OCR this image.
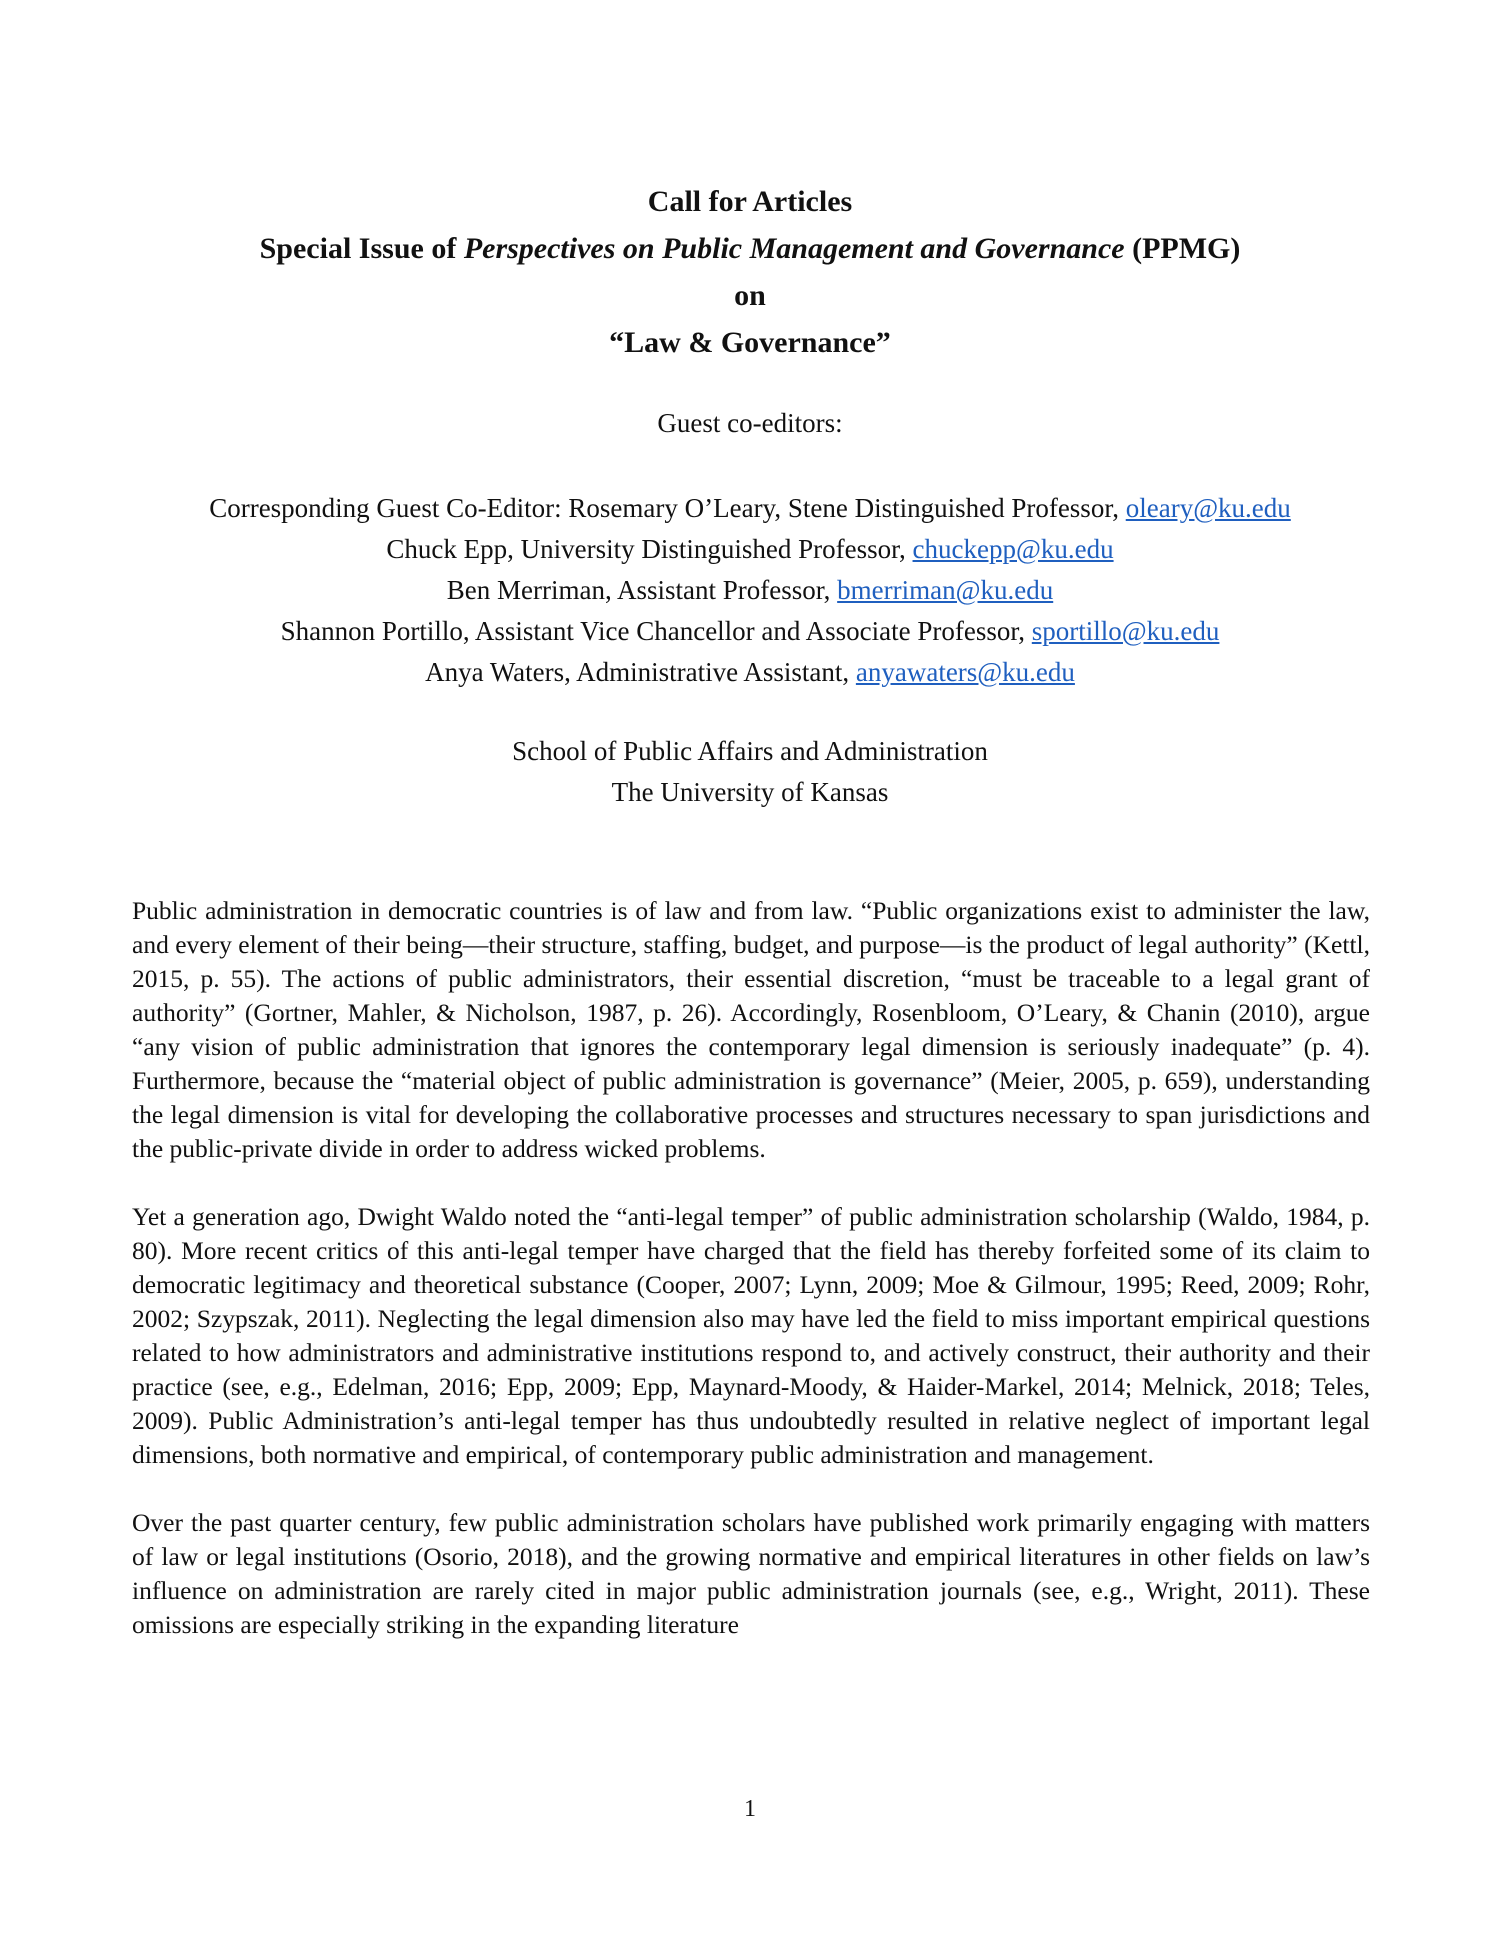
Call for Articles
Special Issue of Perspectives on Public Management and Governance (PPMG)
on
“Law & Governance”
Guest co-editors:
Corresponding Guest Co-Editor: Rosemary O’Leary, Stene Distinguished Professor, oleary@ku.edu
Chuck Epp, University Distinguished Professor, chuckepp@ku.edu
Ben Merriman, Assistant Professor, bmerriman@ku.edu
Shannon Portillo, Assistant Vice Chancellor and Associate Professor, sportillo@ku.edu
Anya Waters, Administrative Assistant, anyawaters@ku.edu
School of Public Affairs and Administration
The University of Kansas

Public administration in democratic countries is of law and from law. “Public organizations exist to administer the law, and every element of their being—their structure, staffing, budget, and purpose—is the product of legal authority” (Kettl, 2015, p. 55). The actions of public administrators, their essential discretion, “must be traceable to a legal grant of authority” (Gortner, Mahler, & Nicholson, 1987, p. 26). Accordingly, Rosenbloom, O’Leary, & Chanin (2010), argue “any vision of public administration that ignores the contemporary legal dimension is seriously inadequate” (p. 4). Furthermore, because the “material object of public administration is governance” (Meier, 2005, p. 659), understanding the legal dimension is vital for developing the collaborative processes and structures necessary to span jurisdictions and the public-private divide in order to address wicked problems.

Yet a generation ago, Dwight Waldo noted the “anti-legal temper” of public administration scholarship (Waldo, 1984, p. 80). More recent critics of this anti-legal temper have charged that the field has thereby forfeited some of its claim to democratic legitimacy and theoretical substance (Cooper, 2007; Lynn, 2009; Moe & Gilmour, 1995; Reed, 2009; Rohr, 2002; Szypszak, 2011). Neglecting the legal dimension also may have led the field to miss important empirical questions related to how administrators and administrative institutions respond to, and actively construct, their authority and their practice (see, e.g., Edelman, 2016; Epp, 2009; Epp, Maynard-Moody, & Haider-Markel, 2014; Melnick, 2018; Teles, 2009). Public Administration’s anti-legal temper has thus undoubtedly resulted in relative neglect of important legal dimensions, both normative and empirical, of contemporary public administration and management.

Over the past quarter century, few public administration scholars have published work primarily engaging with matters of law or legal institutions (Osorio, 2018), and the growing normative and empirical literatures in other fields on law’s influence on administration are rarely cited in major public administration journals (see, e.g., Wright, 2011). These omissions are especially striking in the expanding literature

1
